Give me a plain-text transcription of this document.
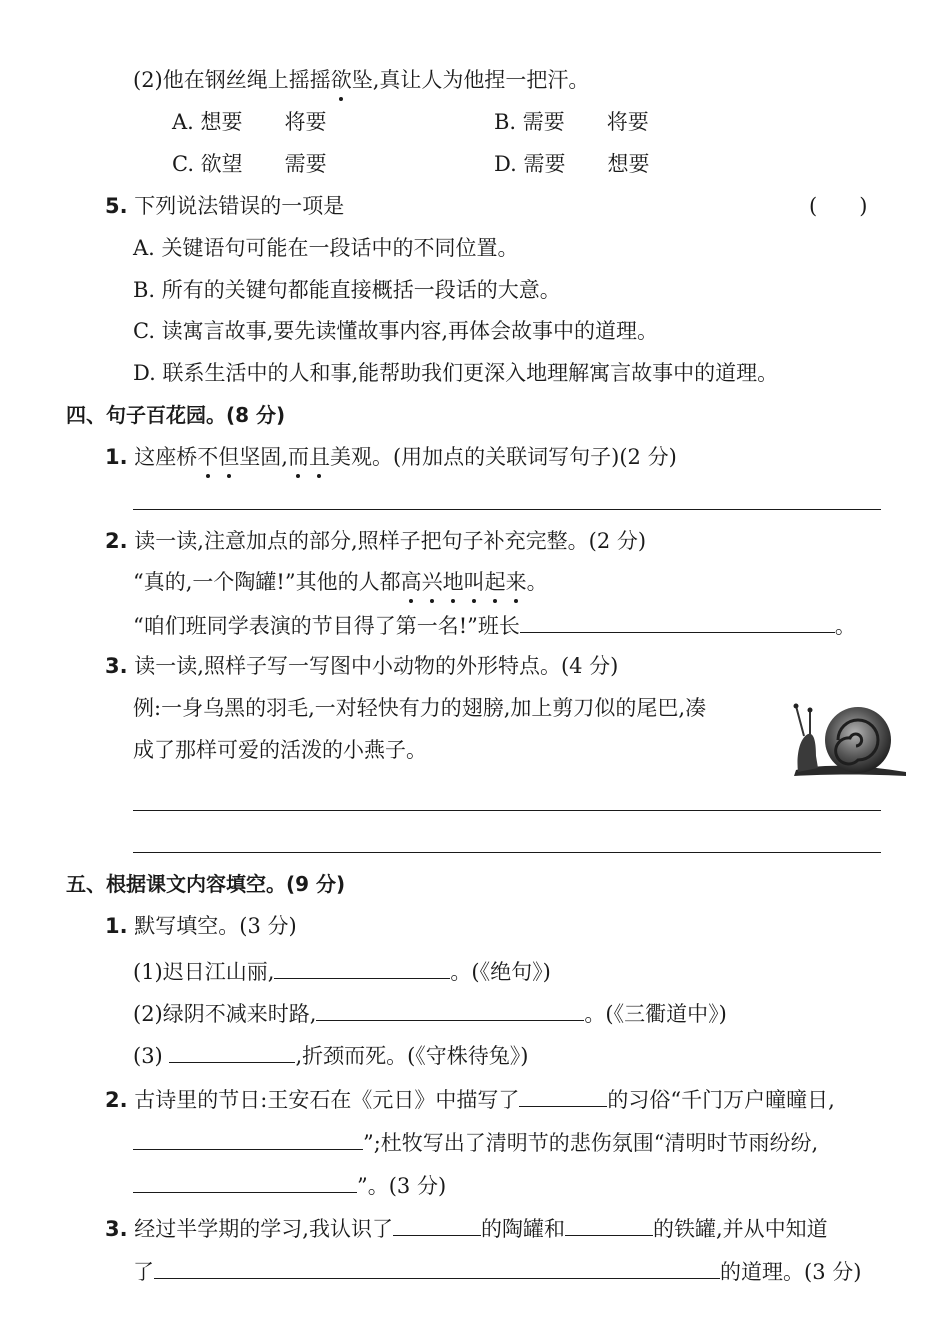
(2)他在钢丝绳上摇摇欲坠,真让人为他捏一把汗。
A. 想要　　将要	B. 需要　　将要
C. 欲望　　需要	D. 需要　　想要
5. 下列说法错误的一项是	(　　)
A. 关键语句可能在一段话中的不同位置。
B. 所有的关键句都能直接概括一段话的大意。
C. 读寓言故事,要先读懂故事内容,再体会故事中的道理。
D. 联系生活中的人和事,能帮助我们更深入地理解寓言故事中的道理。
四、句子百花园。(8 分)
1. 这座桥不但坚固,而且美观。(用加点的关联词写句子)(2 分)
2. 读一读,注意加点的部分,照样子把句子补充完整。(2 分)
“真的,一个陶罐!”其他的人都高兴地叫起来。
“咱们班同学表演的节目得了第一名!”班长	。
3. 读一读,照样子写一写图中小动物的外形特点。(4 分)
例:一身乌黑的羽毛,一对轻快有力的翅膀,加上剪刀似的尾巴,凑
成了那样可爱的活泼的小燕子。
五、根据课文内容填空。(9 分)
1. 默写填空。(3 分)
(1)迟日江山丽,	。(《绝句》)
(2)绿阴不减来时路,	。(《三衢道中》)
(3)	,折颈而死。(《守株待兔》)
2. 古诗里的节日:王安石在《元日》中描写了	的习俗“千门万户曈曈日,
”;杜牧写出了清明节的悲伤氛围“清明时节雨纷纷,
”。(3 分)
3. 经过半学期的学习,我认识了	的陶罐和	的铁罐,并从中知道
了	的道理。(3 分)
